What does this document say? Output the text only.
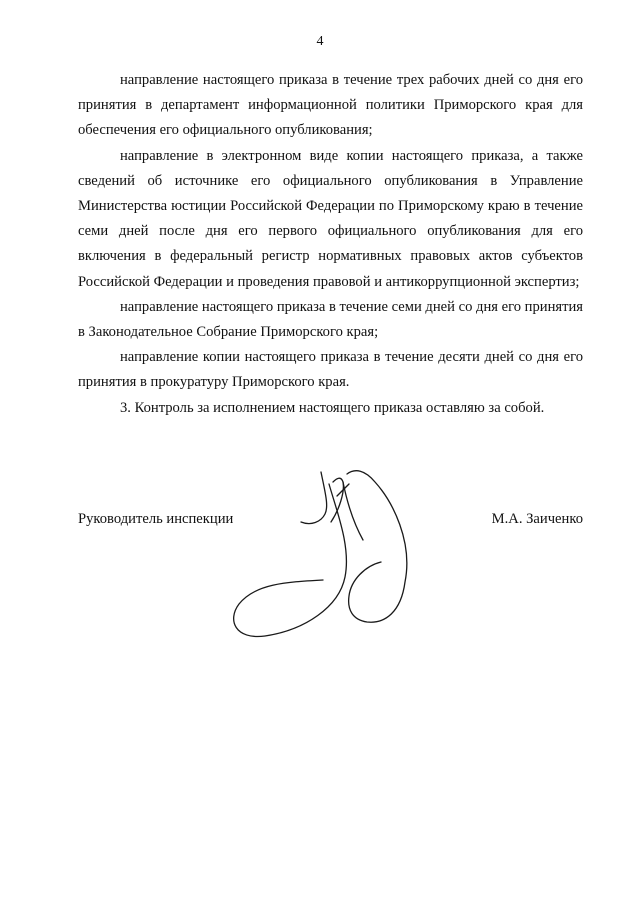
4

направление настоящего приказа в течение трех рабочих дней со дня его принятия в департамент информационной политики Приморского края для обеспечения его официального опубликования;

направление в электронном виде копии настоящего приказа, а также сведений об источнике его официального опубликования в Управление Министерства юстиции Российской Федерации по Приморскому краю в течение семи дней после дня его первого официального опубликования для его включения в федеральный регистр нормативных правовых актов субъектов Российской Федерации и проведения правовой и антикоррупционной экспертиз;

направление настоящего приказа в течение семи дней со дня его принятия в Законодательное Собрание Приморского края;

направление копии настоящего приказа в течение десяти дней со дня его принятия в прокуратуру Приморского края.

3. Контроль за исполнением настоящего приказа оставляю за собой.

Руководитель инспекции	М.А. Заиченко
